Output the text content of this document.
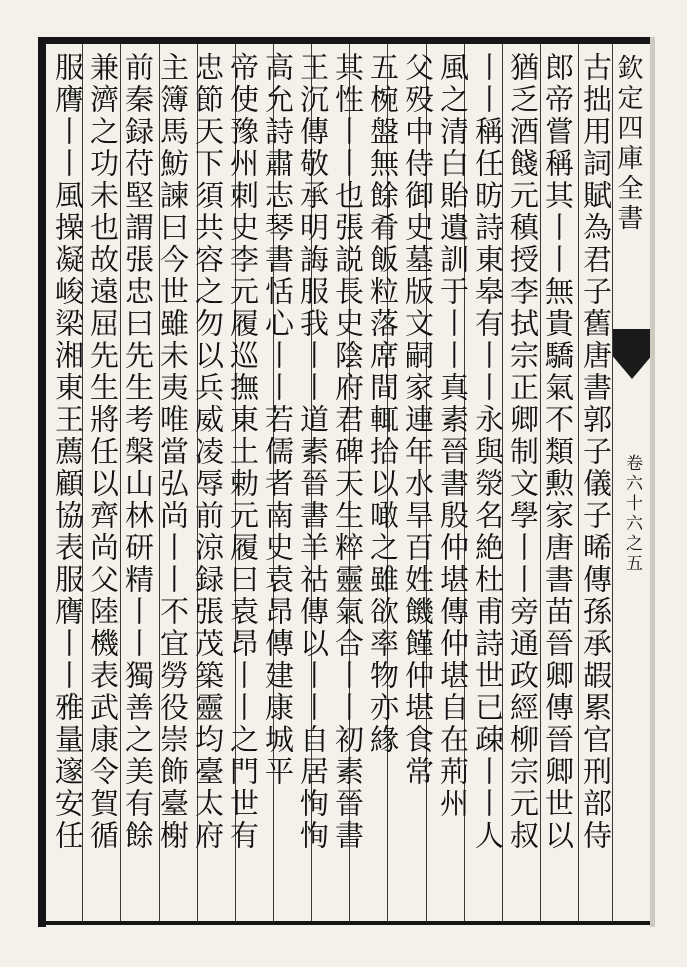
古拙用詞賦為君子舊唐書郭子儀子晞傳孫承嘏累官刑部侍
郎帝嘗稱其丨丨無貴驕氣不類勲家唐書苗晉卿傳晉卿世以
猶乏酒餞元稹授李拭宗正卿制文學丨丨旁通政經柳宗元叔
丨丨稱任昉詩東皋有丨丨永與滎名絶杜甫詩世已疎丨丨人
風之清白貽遺訓于丨丨真素晉書殷仲堪傳仲堪自在荊州
父殁中侍御史墓版文嗣家連年水旱百姓饑饉仲堪食常
五椀盤無餘肴飯粒落席間輒拾以噉之雖欲率物亦緣
其性丨丨也張説長史陰府君碑天生粹靈氣合丨丨初素晉書
王沉傳敬承明誨服我丨丨道素晉書羊祜傳以丨丨自居恂恂
高允詩肅志琴書恬心丨丨若儒者南史袁昂傳建康城平
帝使豫州刺史李元履巡撫東土勅元履曰袁昂丨丨之門世有
忠節天下須共容之勿以兵威凌辱前涼録張茂築靈均臺太府
主簿馬魴諫曰今世雖未夷唯當弘尚丨丨不宜勞役崇飾臺榭
前秦録苻堅謂張忠曰先生考槃山林研精丨丨獨善之美有餘
兼濟之功未也故遠屈先生將任以齊尚父陸機表武康令賀循
服膺丨丨風操凝峻梁湘東王薦顧協表服膺丨丨雅量邃安任	欽定四庫全書
卷六十六之五
